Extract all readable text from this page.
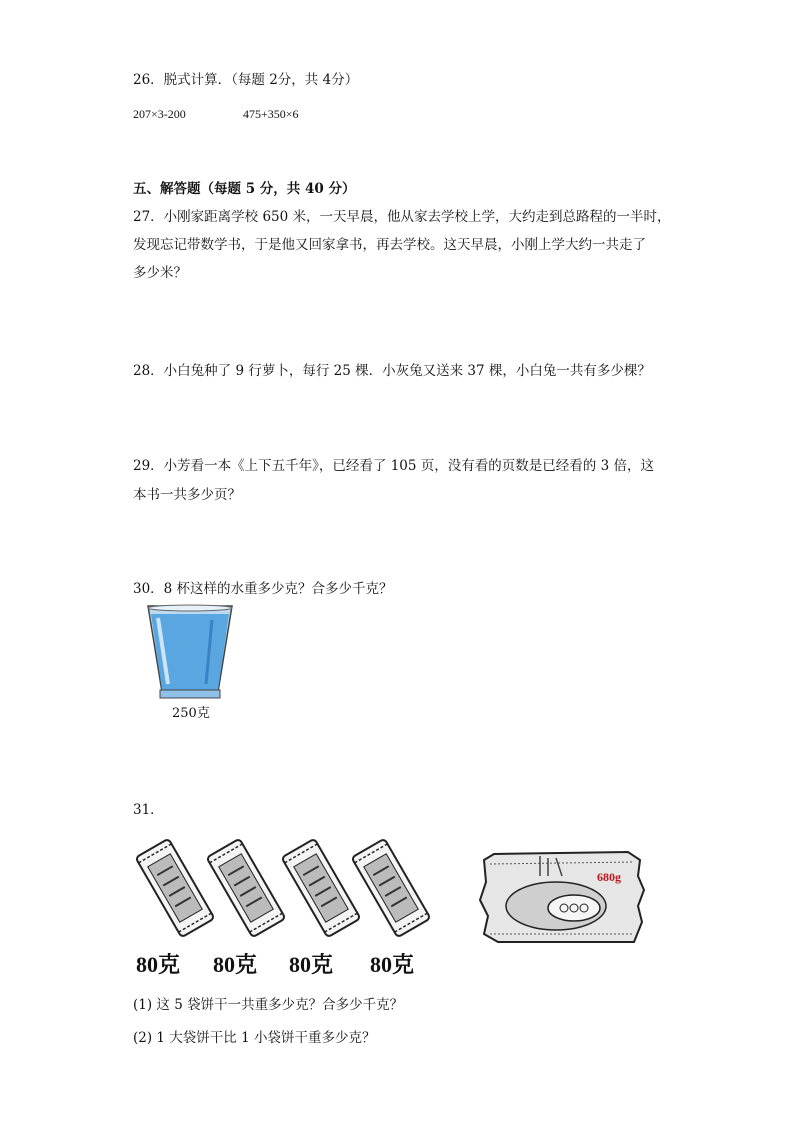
26．脱式计算．（每题 2分，共 4分）
207×3-200	475+350×6
五、解答题（每题 5 分，共 40 分）
27．小刚家距离学校 650 米，一天早晨，他从家去学校上学，大约走到总路程的一半时，
发现忘记带数学书，于是他又回家拿书，再去学校。这天早晨，小刚上学大约一共走了
多少米？
28．小白兔种了 9 行萝卜，每行 25 棵．小灰兔又送来 37 棵，小白兔一共有多少棵？
29．小芳看一本《上下五千年》，已经看了 105 页，没有看的页数是已经看的 3 倍，这
本书一共多少页？
30．8 杯这样的水重多少克？合多少千克？
250克
31．
80克 80克 80克 80克
680g
(1) 这 5 袋饼干一共重多少克？合多少千克？
(2) 1 大袋饼干比 1 小袋饼干重多少克？
